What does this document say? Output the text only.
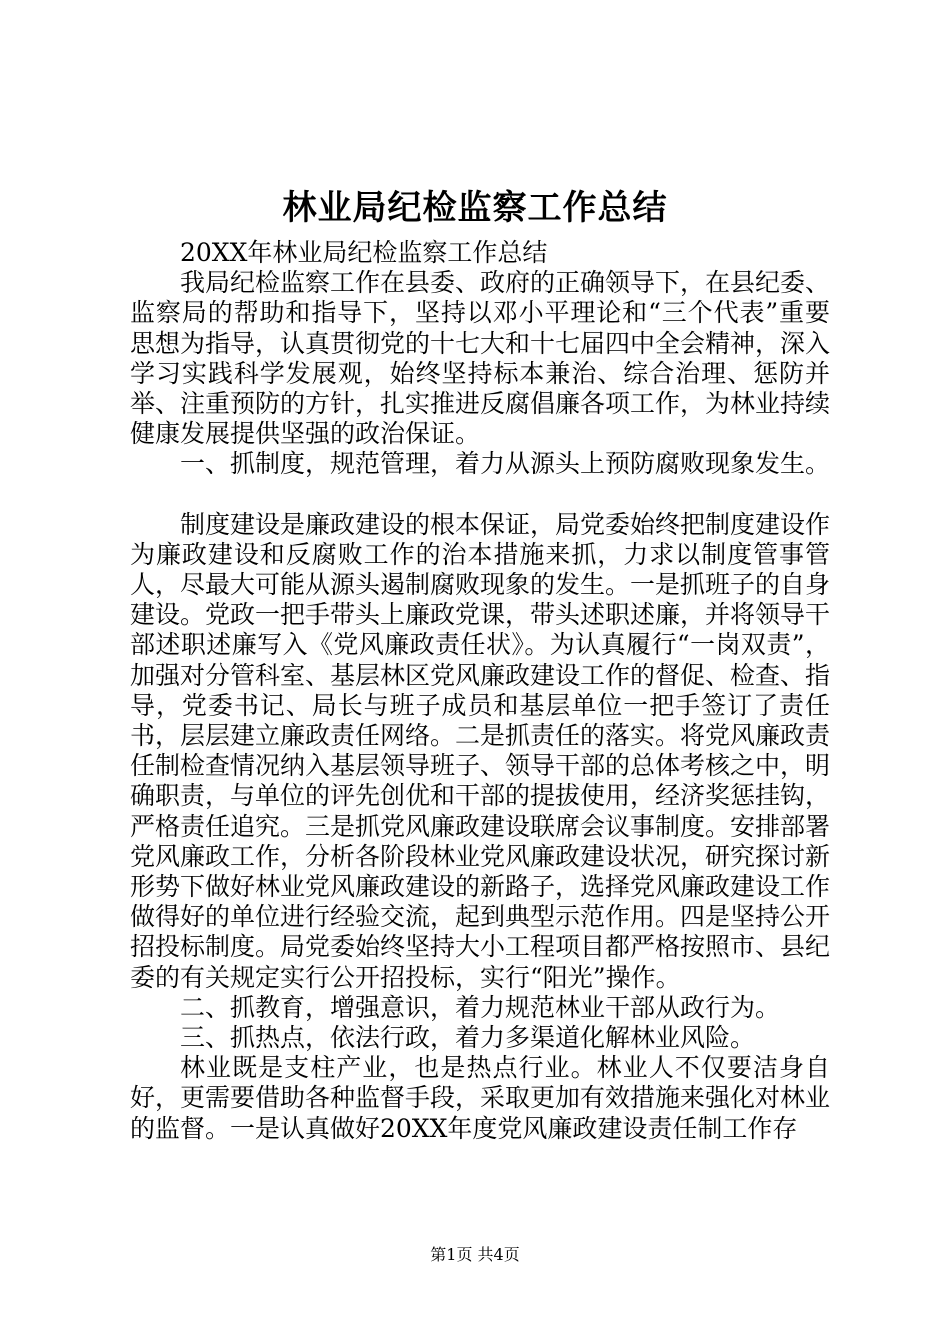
林业局纪检监察工作总结

20XX年林业局纪检监察工作总结

我局纪检监察工作在县委、政府的正确领导下，在县纪委、监察局的帮助和指导下，坚持以邓小平理论和“三个代表”重要思想为指导，认真贯彻党的十七大和十七届四中全会精神，深入学习实践科学发展观，始终坚持标本兼治、综合治理、惩防并举、注重预防的方针，扎实推进反腐倡廉各项工作，为林业持续健康发展提供坚强的政治保证。

一、抓制度，规范管理，着力从源头上预防腐败现象发生。

制度建设是廉政建设的根本保证，局党委始终把制度建设作为廉政建设和反腐败工作的治本措施来抓，力求以制度管事管人，尽最大可能从源头遏制腐败现象的发生。一是抓班子的自身建设。党政一把手带头上廉政党课，带头述职述廉，并将领导干部述职述廉写入《党风廉政责任状》。为认真履行“一岗双责”，加强对分管科室、基层林区党风廉政建设工作的督促、检查、指导，党委书记、局长与班子成员和基层单位一把手签订了责任书，层层建立廉政责任网络。二是抓责任的落实。将党风廉政责任制检查情况纳入基层领导班子、领导干部的总体考核之中，明确职责，与单位的评先创优和干部的提拔使用，经济奖惩挂钩，严格责任追究。三是抓党风廉政建设联席会议事制度。安排部署党风廉政工作，分析各阶段林业党风廉政建设状况，研究探讨新形势下做好林业党风廉政建设的新路子，选择党风廉政建设工作做得好的单位进行经验交流，起到典型示范作用。四是坚持公开招投标制度。局党委始终坚持大小工程项目都严格按照市、县纪委的有关规定实行公开招投标，实行“阳光”操作。

二、抓教育，增强意识，着力规范林业干部从政行为。

三、抓热点，依法行政，着力多渠道化解林业风险。

林业既是支柱产业，也是热点行业。林业人不仅要洁身自好，更需要借助各种监督手段，采取更加有效措施来强化对林业的监督。一是认真做好20XX年度党风廉政建设责任制工作存

第1页 共4页
